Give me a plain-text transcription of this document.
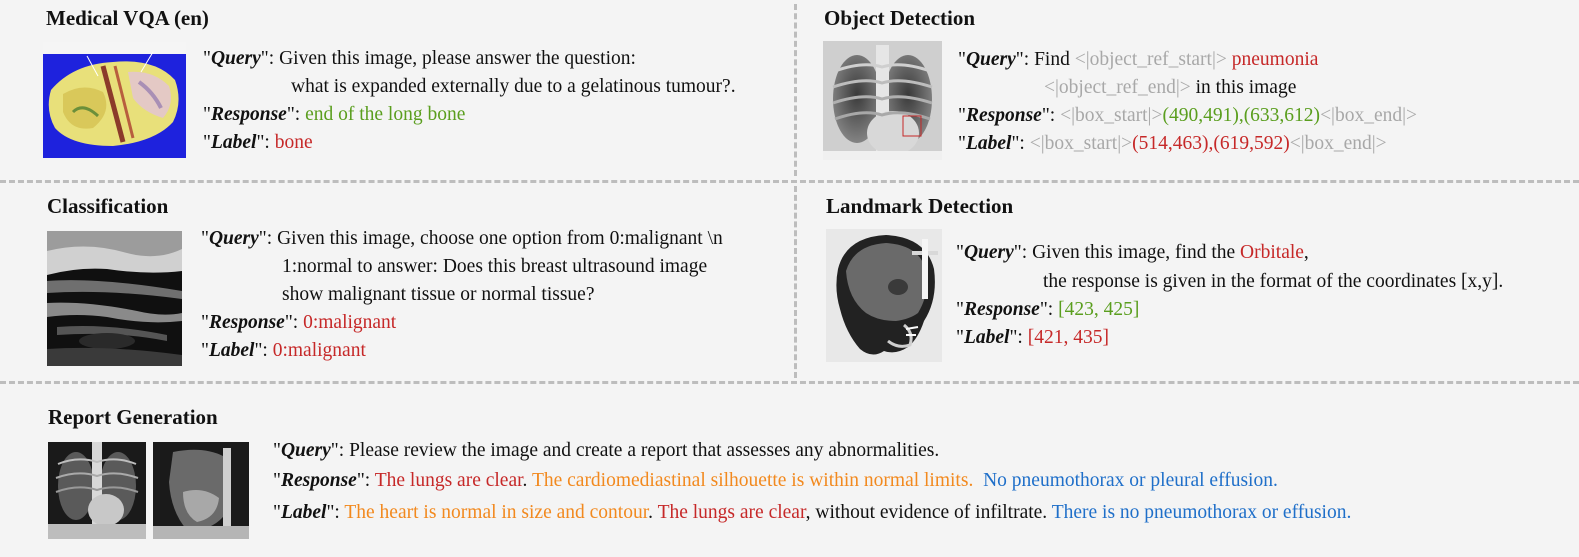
Medical VQA (en)
"Query": Given this image, please answer the question:
what is expanded externally due to a gelatinous tumour?.
"Response": end of the long bone
"Label": bone
Object Detection
"Query": Find <|object_ref_start|> pneumonia
<|object_ref_end|> in this image
"Response": <|box_start|>(490,491),(633,612)<|box_end|>
"Label": <|box_start|>(514,463),(619,592)<|box_end|>
Classification
"Query": Given this image, choose one option from 0:malignant \n
1:normal to answer: Does this breast ultrasound image
show malignant tissue or normal tissue?
"Response": 0:malignant
"Label": 0:malignant
Landmark Detection
"Query": Given this image, find the Orbitale,
the response is given in the format of the coordinates [x,y].
"Response": [423, 425]
"Label": [421, 435]
Report Generation
"Query": Please review the image and create a report that assesses any abnormalities.
"Response": The lungs are clear. The cardiomediastinal silhouette is within normal limits. No pneumothorax or pleural effusion.
"Label": The heart is normal in size and contour. The lungs are clear, without evidence of infiltrate. There is no pneumothorax or effusion.
